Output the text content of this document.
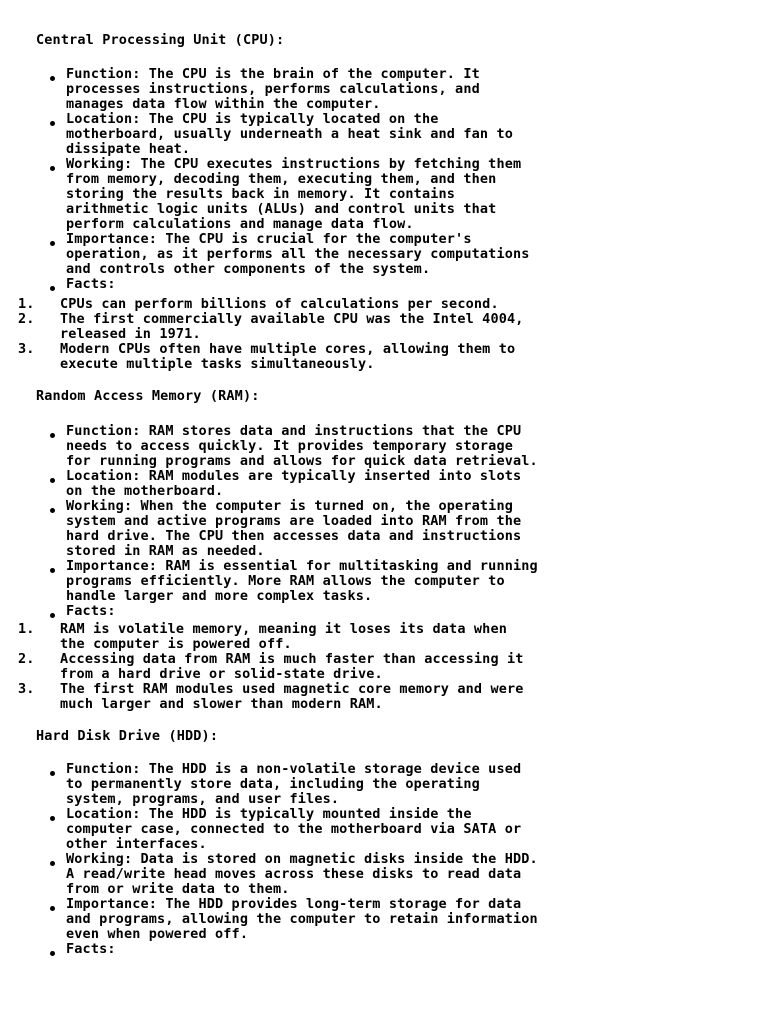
Central Processing Unit (CPU):
Function: The CPU is the brain of the computer. It
processes instructions, performs calculations, and
manages data flow within the computer.
Location: The CPU is typically located on the
motherboard, usually underneath a heat sink and fan to
dissipate heat.
Working: The CPU executes instructions by fetching them
from memory, decoding them, executing them, and then
storing the results back in memory. It contains
arithmetic logic units (ALUs) and control units that
perform calculations and manage data flow.
Importance: The CPU is crucial for the computer's
operation, as it performs all the necessary computations
and controls other components of the system.
Facts:
1. CPUs can perform billions of calculations per second.
2. The first commercially available CPU was the Intel 4004,
released in 1971.
3. Modern CPUs often have multiple cores, allowing them to
execute multiple tasks simultaneously.
Random Access Memory (RAM):
Function: RAM stores data and instructions that the CPU
needs to access quickly. It provides temporary storage
for running programs and allows for quick data retrieval.
Location: RAM modules are typically inserted into slots
on the motherboard.
Working: When the computer is turned on, the operating
system and active programs are loaded into RAM from the
hard drive. The CPU then accesses data and instructions
stored in RAM as needed.
Importance: RAM is essential for multitasking and running
programs efficiently. More RAM allows the computer to
handle larger and more complex tasks.
Facts:
1. RAM is volatile memory, meaning it loses its data when
the computer is powered off.
2. Accessing data from RAM is much faster than accessing it
from a hard drive or solid-state drive.
3. The first RAM modules used magnetic core memory and were
much larger and slower than modern RAM.
Hard Disk Drive (HDD):
Function: The HDD is a non-volatile storage device used
to permanently store data, including the operating
system, programs, and user files.
Location: The HDD is typically mounted inside the
computer case, connected to the motherboard via SATA or
other interfaces.
Working: Data is stored on magnetic disks inside the HDD.
A read/write head moves across these disks to read data
from or write data to them.
Importance: The HDD provides long-term storage for data
and programs, allowing the computer to retain information
even when powered off.
Facts:
